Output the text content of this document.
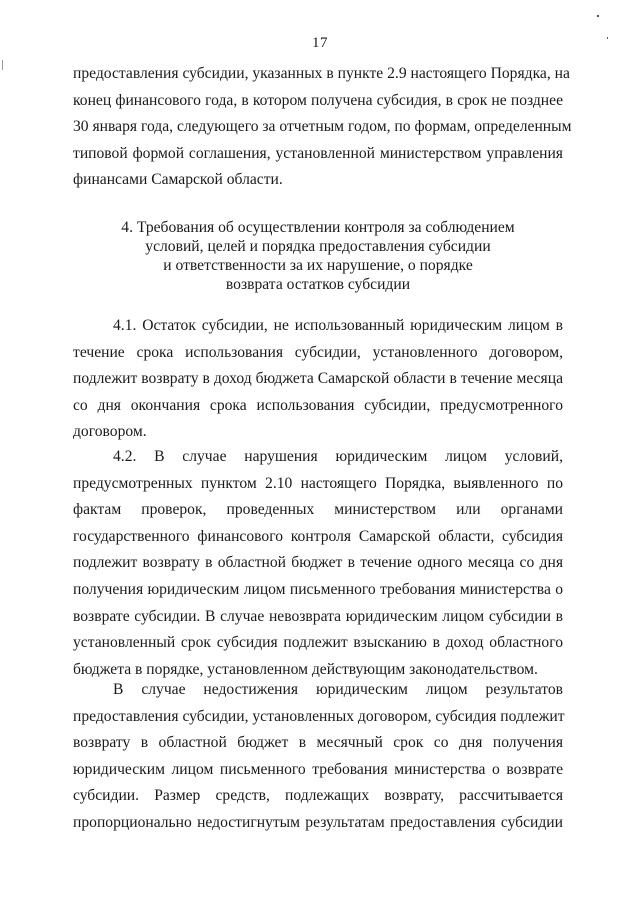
17
предоставления субсидии, указанных в пункте 2.9 настоящего Порядка, на
конец финансового года, в котором получена субсидия, в срок не позднее
30 января года, следующего за отчетным годом, по формам, определенным
типовой формой соглашения, установленной министерством управления
финансами Самарской области.
4. Требования об осуществлении контроля за соблюдением
условий, целей и порядка предоставления субсидии
и ответственности за их нарушение, о порядке
возврата остатков субсидии
4.1. Остаток субсидии, не использованный юридическим лицом в
течение срока использования субсидии, установленного договором,
подлежит возврату в доход бюджета Самарской области в течение месяца
со дня окончания срока использования субсидии, предусмотренного
договором.
4.2. В случае нарушения юридическим лицом условий,
предусмотренных пунктом 2.10 настоящего Порядка, выявленного по
фактам проверок, проведенных министерством или органами
государственного финансового контроля Самарской области, субсидия
подлежит возврату в областной бюджет в течение одного месяца со дня
получения юридическим лицом письменного требования министерства о
возврате субсидии. В случае невозврата юридическим лицом субсидии в
установленный срок субсидия подлежит взысканию в доход областного
бюджета в порядке, установленном действующим законодательством.
В случае недостижения юридическим лицом результатов
предоставления субсидии, установленных договором, субсидия подлежит
возврату в областной бюджет в месячный срок со дня получения
юридическим лицом письменного требования министерства о возврате
субсидии. Размер средств, подлежащих возврату, рассчитывается
пропорционально недостигнутым результатам предоставления субсидии
